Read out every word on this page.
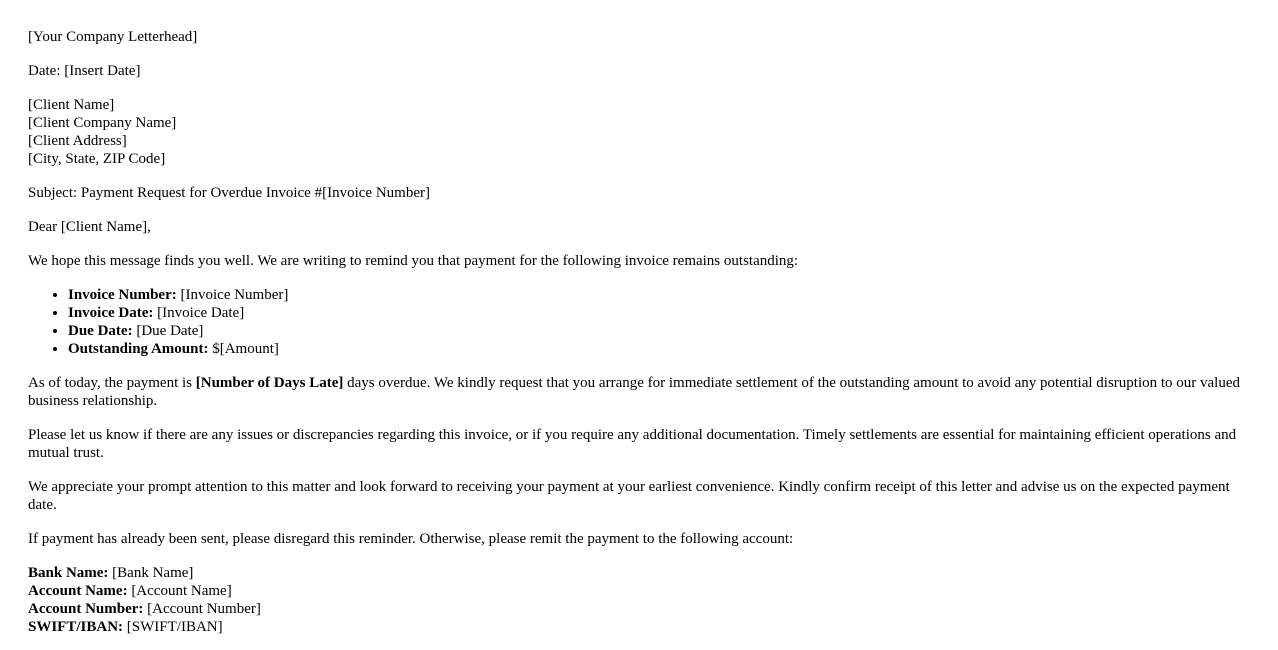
[Your Company Letterhead]

Date: [Insert Date]

[Client Name]
[Client Company Name]
[Client Address]
[City, State, ZIP Code]

Subject: Payment Request for Overdue Invoice #[Invoice Number]

Dear [Client Name],

We hope this message finds you well. We are writing to remind you that payment for the following invoice remains outstanding:

• Invoice Number: [Invoice Number]
• Invoice Date: [Invoice Date]
• Due Date: [Due Date]
• Outstanding Amount: $[Amount]

As of today, the payment is [Number of Days Late] days overdue. We kindly request that you arrange for immediate settlement of the outstanding amount to avoid any potential disruption to our valued business relationship.

Please let us know if there are any issues or discrepancies regarding this invoice, or if you require any additional documentation. Timely settlements are essential for maintaining efficient operations and mutual trust.

We appreciate your prompt attention to this matter and look forward to receiving your payment at your earliest convenience. Kindly confirm receipt of this letter and advise us on the expected payment date.

If payment has already been sent, please disregard this reminder. Otherwise, please remit the payment to the following account:

Bank Name: [Bank Name]
Account Name: [Account Name]
Account Number: [Account Number]
SWIFT/IBAN: [SWIFT/IBAN]
